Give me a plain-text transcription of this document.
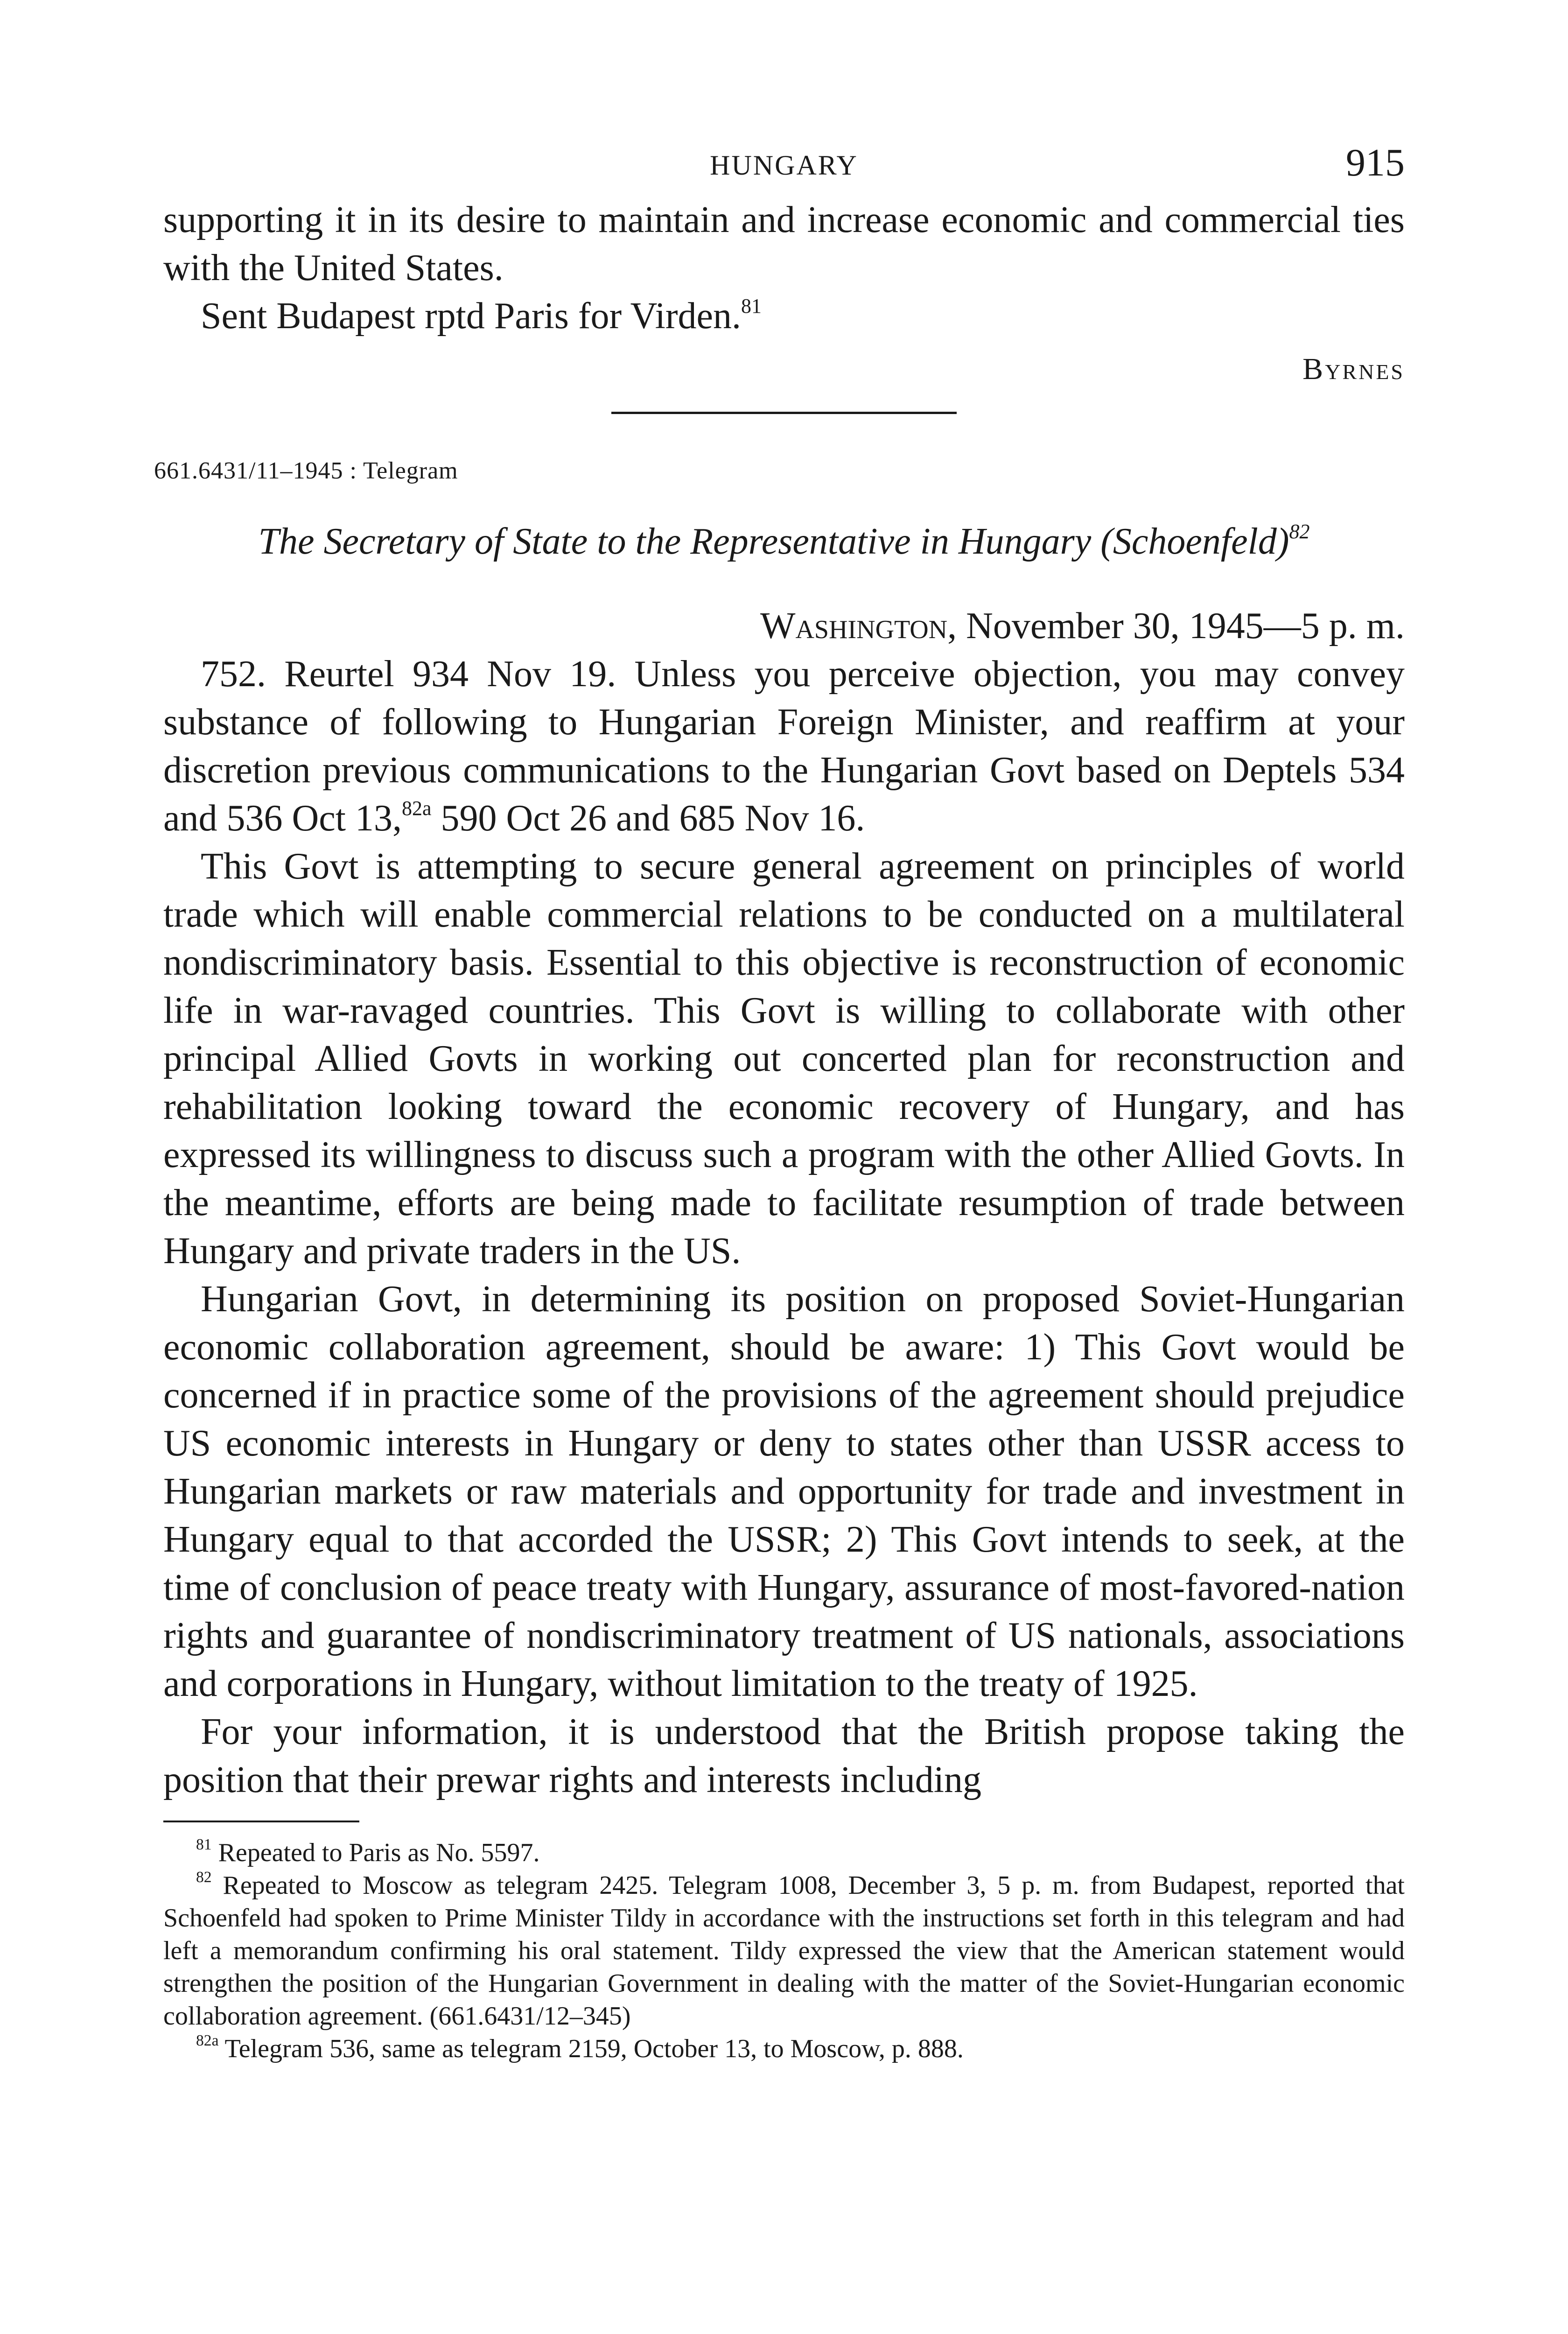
HUNGARY	915

supporting it in its desire to maintain and increase economic and commercial ties with the United States.

Sent Budapest rptd Paris for Virden.$^{81}$

Byrnes
661.6431/11–1945 : Telegram
The Secretary of State to the Representative in Hungary (Schoenfeld)$^{82}$
Washington, November 30, 1945—5 p. m.

752. Reurtel 934 Nov 19. Unless you perceive objection, you may convey substance of following to Hungarian Foreign Minister, and reaffirm at your discretion previous communications to the Hungarian Govt based on Deptels 534 and 536 Oct 13,$^{82a}$ 590 Oct 26 and 685 Nov 16.

This Govt is attempting to secure general agreement on principles of world trade which will enable commercial relations to be conducted on a multilateral nondiscriminatory basis. Essential to this objective is reconstruction of economic life in war-ravaged countries. This Govt is willing to collaborate with other principal Allied Govts in working out concerted plan for reconstruction and rehabilitation looking toward the economic recovery of Hungary, and has expressed its willingness to discuss such a program with the other Allied Govts. In the meantime, efforts are being made to facilitate resumption of trade between Hungary and private traders in the US.

Hungarian Govt, in determining its position on proposed Soviet-Hungarian economic collaboration agreement, should be aware: 1) This Govt would be concerned if in practice some of the provisions of the agreement should prejudice US economic interests in Hungary or deny to states other than USSR access to Hungarian markets or raw materials and opportunity for trade and investment in Hungary equal to that accorded the USSR; 2) This Govt intends to seek, at the time of conclusion of peace treaty with Hungary, assurance of most-favored-nation rights and guarantee of nondiscriminatory treatment of US nationals, associations and corporations in Hungary, without limitation to the treaty of 1925.

For your information, it is understood that the British propose taking the position that their prewar rights and interests including

$^{81}$ Repeated to Paris as No. 5597.

$^{82}$ Repeated to Moscow as telegram 2425. Telegram 1008, December 3, 5 p. m. from Budapest, reported that Schoenfeld had spoken to Prime Minister Tildy in accordance with the instructions set forth in this telegram and had left a memorandum confirming his oral statement. Tildy expressed the view that the American statement would strengthen the position of the Hungarian Government in dealing with the matter of the Soviet-Hungarian economic collaboration agreement. (661.6431/12–345)

$^{82a}$ Telegram 536, same as telegram 2159, October 13, to Moscow, p. 888.
